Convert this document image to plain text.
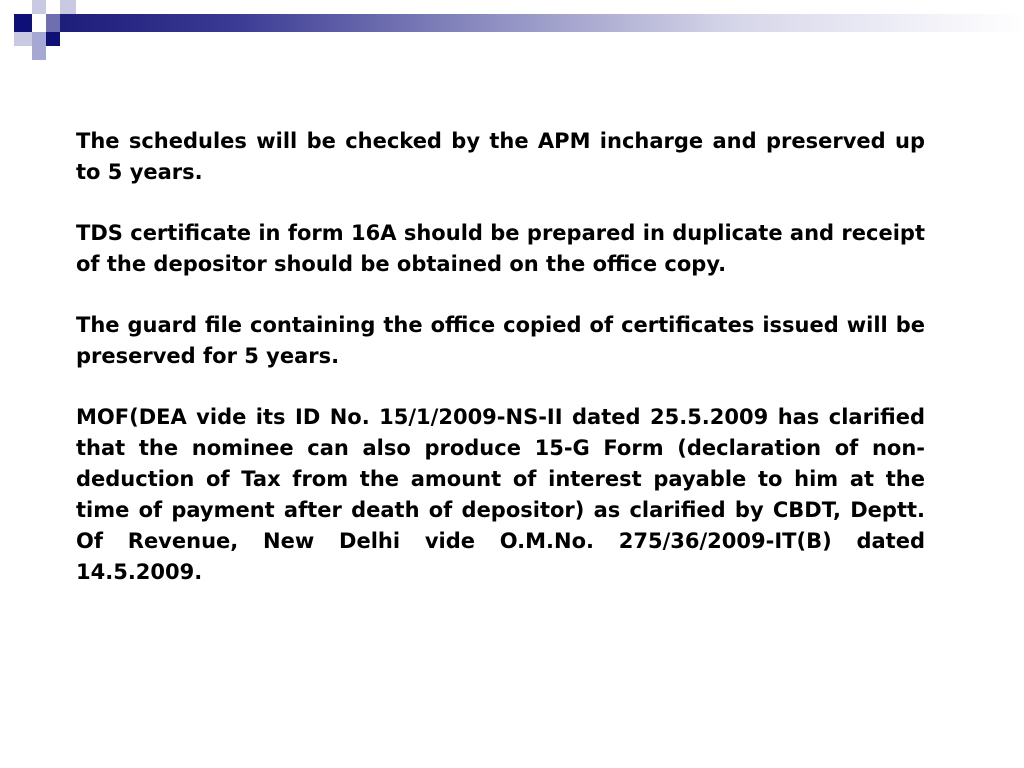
The schedules will be checked by the APM incharge and preserved up to 5 years.

TDS certificate in form 16A should be prepared in duplicate and receipt of the depositor should be obtained on the office copy.

The guard file containing the office copied of certificates issued will be preserved for 5 years.

MOF(DEA vide its ID No. 15/1/2009-NS-II dated 25.5.2009 has clarified that the nominee can also produce 15-G Form (declaration of non-deduction of Tax from the amount of interest payable to him at the time of payment after death of depositor) as clarified by CBDT, Deptt. Of Revenue, New Delhi vide O.M.No. 275/36/2009-IT(B) dated 14.5.2009.
